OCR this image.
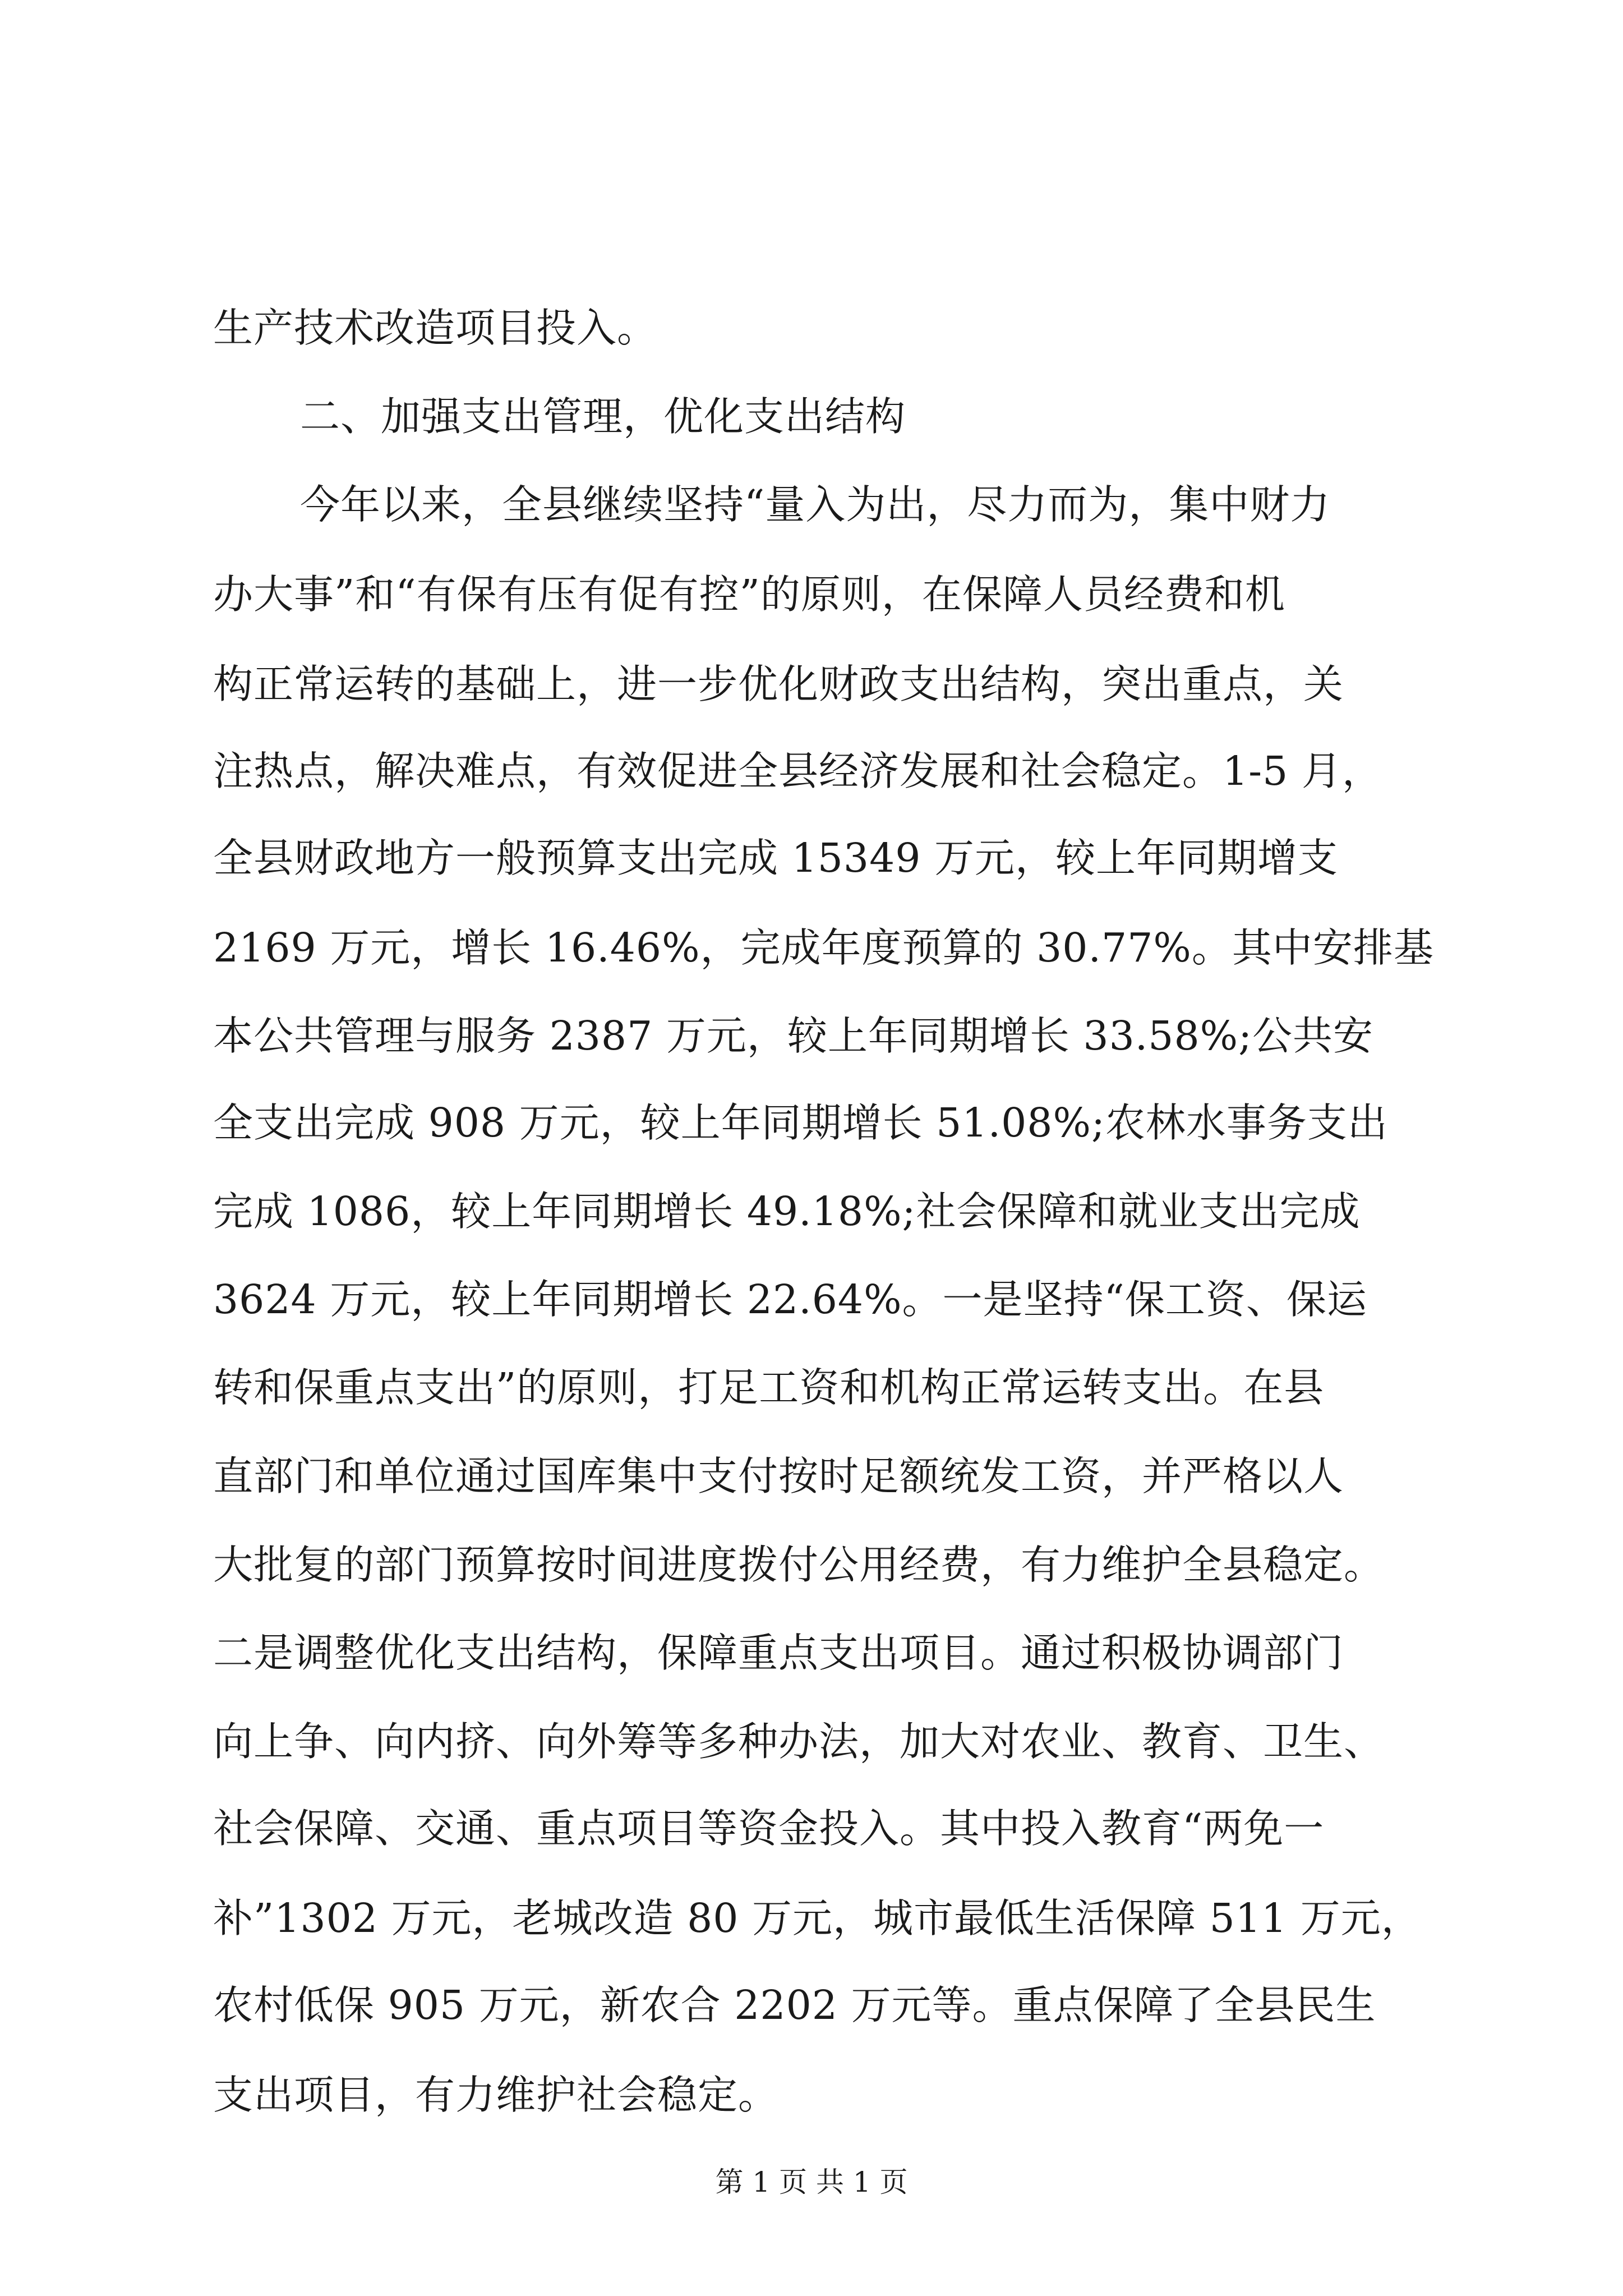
生产技术改造项目投入。

二、加强支出管理，优化支出结构

今年以来，全县继续坚持“量入为出，尽力而为，集中财力

办大事”和“有保有压有促有控”的原则，在保障人员经费和机

构正常运转的基础上，进一步优化财政支出结构，突出重点，关

注热点，解决难点，有效促进全县经济发展和社会稳定。1-5 月，

全县财政地方一般预算支出完成 15349 万元，较上年同期增支

2169 万元，增长 16.46%，完成年度预算的 30.77%。其中安排基

本公共管理与服务 2387 万元，较上年同期增长 33.58%;公共安

全支出完成 908 万元，较上年同期增长 51.08%;农林水事务支出

完成 1086，较上年同期增长 49.18%;社会保障和就业支出完成

3624 万元，较上年同期增长 22.64%。一是坚持“保工资、保运

转和保重点支出”的原则，打足工资和机构正常运转支出。在县

直部门和单位通过国库集中支付按时足额统发工资，并严格以人

大批复的部门预算按时间进度拨付公用经费，有力维护全县稳定。

二是调整优化支出结构，保障重点支出项目。通过积极协调部门

向上争、向内挤、向外筹等多种办法，加大对农业、教育、卫生、

社会保障、交通、重点项目等资金投入。其中投入教育“两免一

补”1302 万元，老城改造 80 万元，城市最低生活保障 511 万元，

农村低保 905 万元，新农合 2202 万元等。重点保障了全县民生

支出项目，有力维护社会稳定。

第 1 页 共 1 页
